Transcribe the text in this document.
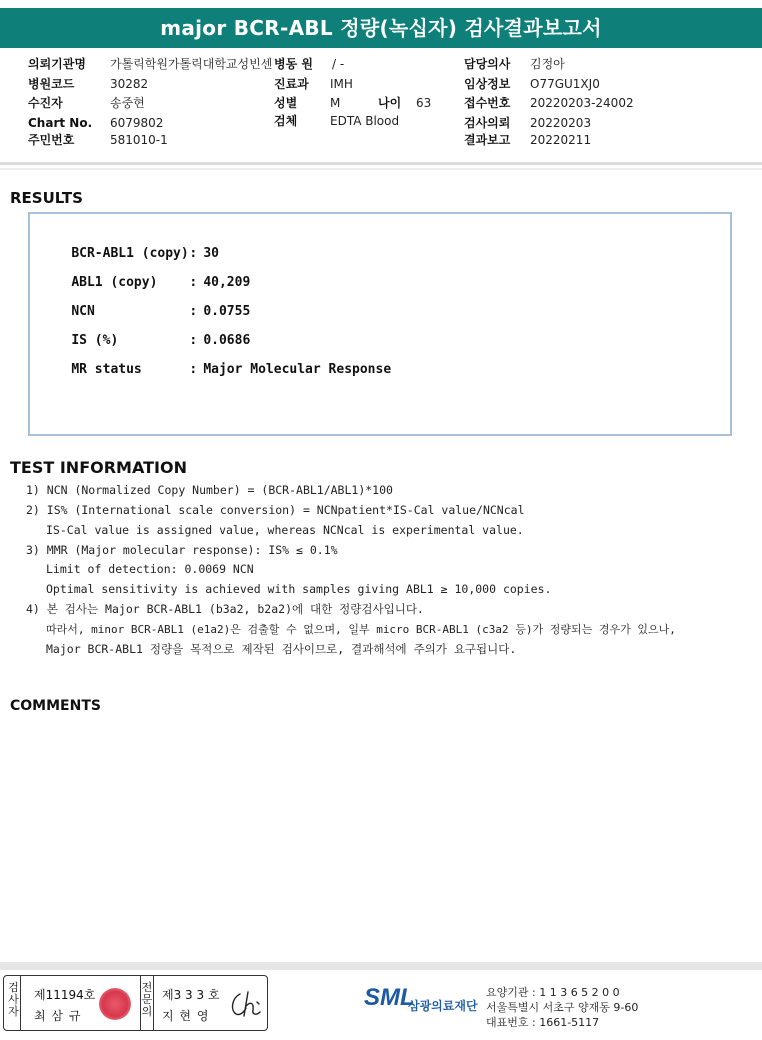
major BCR-ABL 정량(녹십자) 검사결과보고서
의뢰기관명 가톨릭학원가톨릭대학교성빈센 병동 원 / -	담당의사 김정아
병원코드	30282	진료과 IMH	임상정보 O77GU1XJ0
수진자	송중현	성별	M	나이 63	접수번호 20220203-24002
Chart No. 6079802	검체	EDTA Blood	검사의뢰 20220203
주민번호	581010-1	결과보고 20220211
RESULTS

BCR-ABL1 (copy): 30

ABL1 (copy) : 40,209

NCN	: 0.0755

IS (%)	: 0.0686

MR status	: Major Molecular Response

TEST INFORMATION
1) NCN (Normalized Copy Number) = (BCR-ABL1/ABL1)*100
2) IS% (International scale conversion) = NCNpatient*IS-Cal value/NCNcal
IS-Cal value is assigned value, whereas NCNcal is experimental value.
3) MMR (Major molecular response): IS% ≤ 0.1%
Limit of detection: 0.0069 NCN
Optimal sensitivity is achieved with samples giving ABL1 ≥ 10,000 copies.
4) 본 검사는 Major BCR-ABL1 (b3a2, b2a2)에 대한 정량검사입니다.
따라서, minor BCR-ABL1 (e1a2)은 검출할 수 없으며, 일부 micro BCR-ABL1 (c3a2 등)가 정량되는 경우가 있으나,
Major BCR-ABL1 정량을 목적으로 제작된 검사이므로, 결과해석에 주의가 요구됩니다.
COMMENTS
검
사
자
제11194호
최 삼 규
전
문
의
제3 3 3 호
지 현 영
SML
삼광의료재단
요양기관 : 1 1 3 6 5 2 0 0
서울특별시 서초구 양재동 9-60
대표번호 : 1661-5117
